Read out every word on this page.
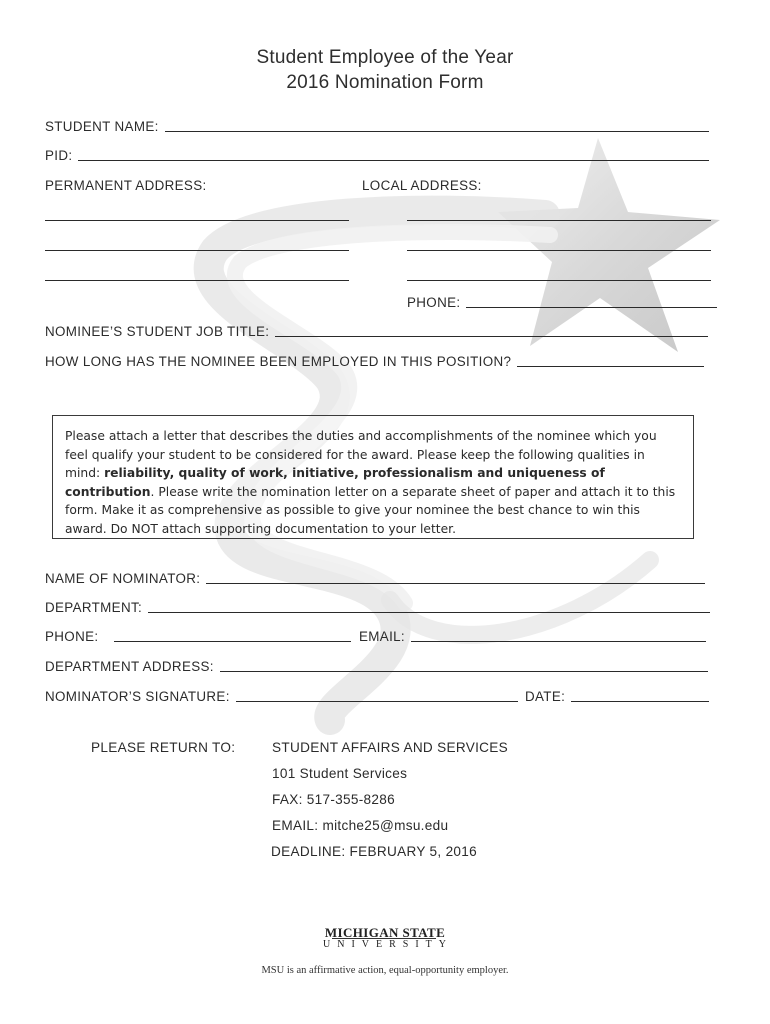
Student Employee of the Year
2016 Nomination Form
STUDENT NAME:
PID:
PERMANENT ADDRESS:	LOCAL ADDRESS:
PHONE:
NOMINEE’S STUDENT JOB TITLE:
HOW LONG HAS THE NOMINEE BEEN EMPLOYED IN THIS POSITION?

Please attach a letter that describes the duties and accomplishments of the nominee which you feel qualify your student to be considered for the award. Please keep the following qualities in mind: reliability, quality of work, initiative, professionalism and uniqueness of contribution. Please write the nomination letter on a separate sheet of paper and attach it to this form. Make it as comprehensive as possible to give your nominee the best chance to win this award. Do NOT attach supporting documentation to your letter.

NAME OF NOMINATOR:
DEPARTMENT:
PHONE:	EMAIL:
DEPARTMENT ADDRESS:
NOMINATOR’S SIGNATURE:	DATE:
PLEASE RETURN TO:	STUDENT AFFAIRS AND SERVICES
101 Student Services
FAX: 517-355-8286
EMAIL: mitche25@msu.edu
DEADLINE: FEBRUARY 5, 2016
MICHIGAN STATE
UNIVERSITY
MSU is an affirmative action, equal-opportunity employer.
